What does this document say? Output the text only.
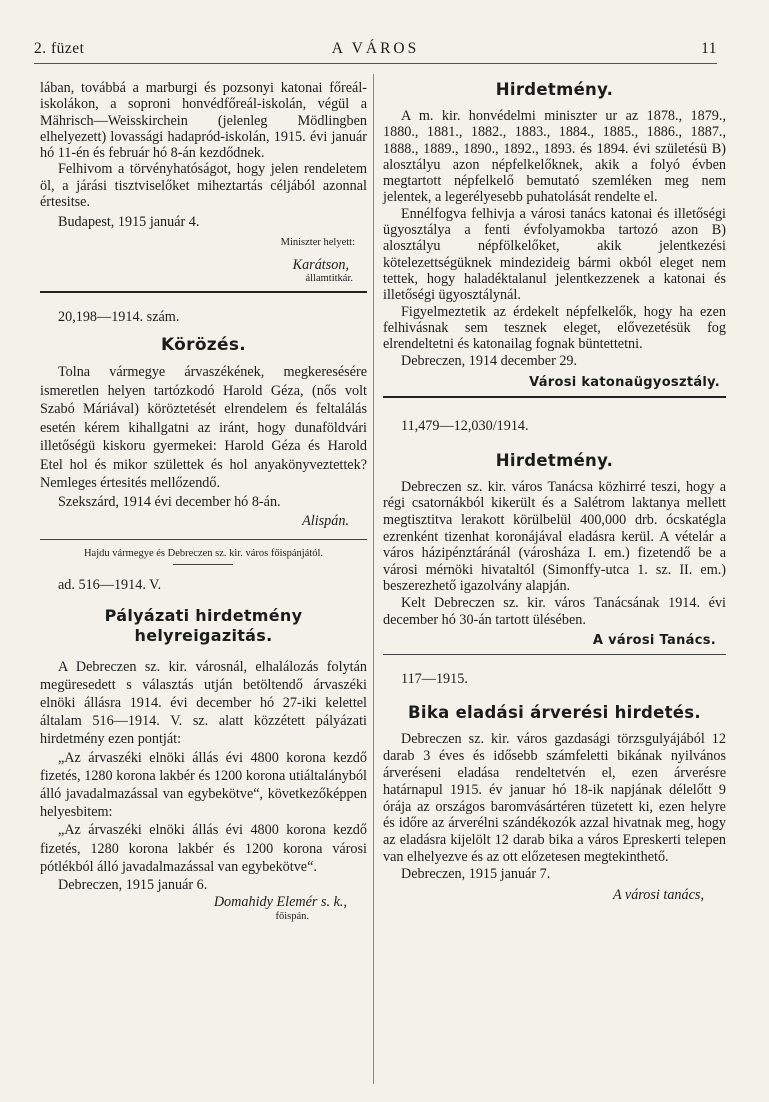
2. füzet	A VÁROS	11

lában, továbbá a marburgi és pozsonyi katonai főreál-iskolákon, a soproni honvédfőreál-iskolán, végül a Mährisch—Weisskirchein (jelenleg Mödlingben elhelyezett) lovassági hadapród-iskolán, 1915. évi január hó 11-én és február hó 8-án kezdődnek.

Felhivom a törvényhatóságot, hogy jelen rendeletem öl, a járási tisztviselőket miheztartás céljából azonnal értesitse.

Budapest, 1915 január 4.

Miniszter helyett:

Karátson,

államtitkár.

20,198—1914. szám.

Körözés.

Tolna vármegye árvaszékének, megkeresésére ismeretlen helyen tartózkodó Harold Géza, (nős volt Szabó Máriával) köröztetését elrendelem és feltalálás esetén kérem kihallgatni az iránt, hogy dunaföldvári illetőségü kiskoru gyermekei: Harold Géza és Harold Etel hol és mikor születtek és hol anyakönyveztettek? Nemleges értesités mellőzendő.

Szekszárd, 1914 évi december hó 8-án.

Alispán.

Hajdu vármegye és Debreczen sz. kir. város főispánjától.

ad. 516—1914. V.

Pályázati hirdetmény helyreigazitás.

A Debreczen sz. kir. városnál, elhalálozás folytán megüresedett s választás utján betöltendő árvaszéki elnöki állásra 1914. évi december hó 27-iki kelettel általam 516—1914. V. sz. alatt közzétett pályázati hirdetmény ezen pontját:

„Az árvaszéki elnöki állás évi 4800 korona kezdő fizetés, 1280 korona lakbér és 1200 korona utiáltalányból álló javadalmazással van egybekötve“, következőképpen helyesbitem:

„Az árvaszéki elnöki állás évi 4800 korona kezdő fizetés, 1280 korona lakbér és 1200 korona városi pótlékból álló javadalmazással van egybekötve“.

Debreczen, 1915 január 6.

Domahidy Elemér s. k.,

főispán.

Hirdetmény.

A m. kir. honvédelmi miniszter ur az 1878., 1879., 1880., 1881., 1882., 1883., 1884., 1885., 1886., 1887., 1888., 1889., 1890., 1892., 1893. és 1894. évi születésü B) alosztályu azon népfelkelőknek, akik a folyó évben megtartott népfelkelő bemutató szemléken meg nem jelentek, a legerélyesebb puhatolását rendelte el.

Ennélfogva felhivja a városi tanács katonai és illetőségi ügyosztálya a fenti évfolyamokba tartozó azon B) alosztályu népfölkelőket, akik jelentkezési kötelezettségüknek mindezideig bármi okból eleget nem tettek, hogy haladéktalanul jelentkezzenek a katonai és illetőségi ügyosztálynál.

Figyelmeztetik az érdekelt népfelkelők, hogy ha ezen felhivásnak sem tesznek eleget, elővezetésük fog elrendeltetni és katonailag fognak büntettetni.

Debreczen, 1914 december 29.

Városi katonaügyosztály.

11,479—12,030/1914.

Hirdetmény.

Debreczen sz. kir. város Tanácsa közhirré teszi, hogy a régi csatornákból kikerült és a Salétrom laktanya mellett megtisztitva lerakott körülbelül 400,000 drb. ócskatégla ezrenként tizenhat koronájával eladásra kerül. A vételár a város házipénztáránál (városháza I. em.) fizetendő be a városi mérnöki hivataltól (Simonffy-utca 1. sz. II. em.) beszerezhető igazolvány alapján.

Kelt Debreczen sz. kir. város Tanácsának 1914. évi december hó 30-án tartott ülésében.

A városi Tanács.

117—1915.

Bika eladási árverési hirdetés.

Debreczen sz. kir. város gazdasági törzsgulyájából 12 darab 3 éves és idősebb számfeletti bikának nyilvános árveréseni eladása rendeltetvén el, ezen árverésre határnapul 1915. év januar hó 18-ik napjának délelőtt 9 órája az országos baromvásártéren tüzetett ki, ezen helyre és időre az árverélni szándékozók azzal hivatnak meg, hogy az eladásra kijelölt 12 darab bika a város Epreskerti telepen van elhelyezve és az ott előzetesen megtekinthető.

Debreczen, 1915 január 7.

A városi tanács,
